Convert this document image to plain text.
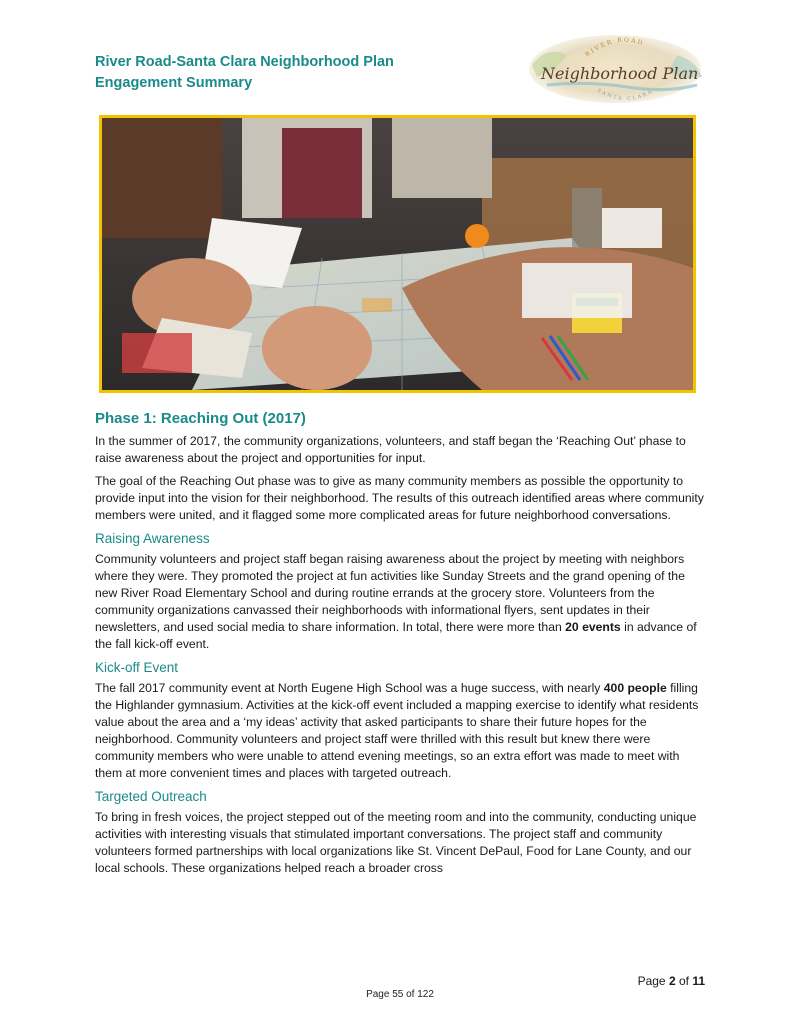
River Road-Santa Clara Neighborhood Plan
Engagement Summary
RIVER ROAD
SANTA CLARA
Neighborhood Plan
Phase 1: Reaching Out (2017)

In the summer of 2017, the community organizations, volunteers, and staff began the ‘Reaching Out’ phase to raise awareness about the project and opportunities for input.

The goal of the Reaching Out phase was to give as many community members as possible the opportunity to provide input into the vision for their neighborhood. The results of this outreach identified areas where community members were united, and it flagged some more complicated areas for future neighborhood conversations.

Raising Awareness

Community volunteers and project staff began raising awareness about the project by meeting with neighbors where they were. They promoted the project at fun activities like Sunday Streets and the grand opening of the new River Road Elementary School and during routine errands at the grocery store. Volunteers from the community organizations canvassed their neighborhoods with informational flyers, sent updates in their newsletters, and used social media to share information. In total, there were more than 20 events in advance of the fall kick-off event.

Kick-off Event

The fall 2017 community event at North Eugene High School was a huge success, with nearly 400 people filling the Highlander gymnasium. Activities at the kick-off event included a mapping exercise to identify what residents value about the area and a ‘my ideas’ activity that asked participants to share their future hopes for the neighborhood. Community volunteers and project staff were thrilled with this result but knew there were community members who were unable to attend evening meetings, so an extra effort was made to meet with them at more convenient times and places with targeted outreach.

Targeted Outreach

To bring in fresh voices, the project stepped out of the meeting room and into the community, conducting unique activities with interesting visuals that stimulated important conversations. The project staff and community volunteers formed partnerships with local organizations like St. Vincent DePaul, Food for Lane County, and our local schools. These organizations helped reach a broader cross

Page 2 of 11
Page 55 of 122
